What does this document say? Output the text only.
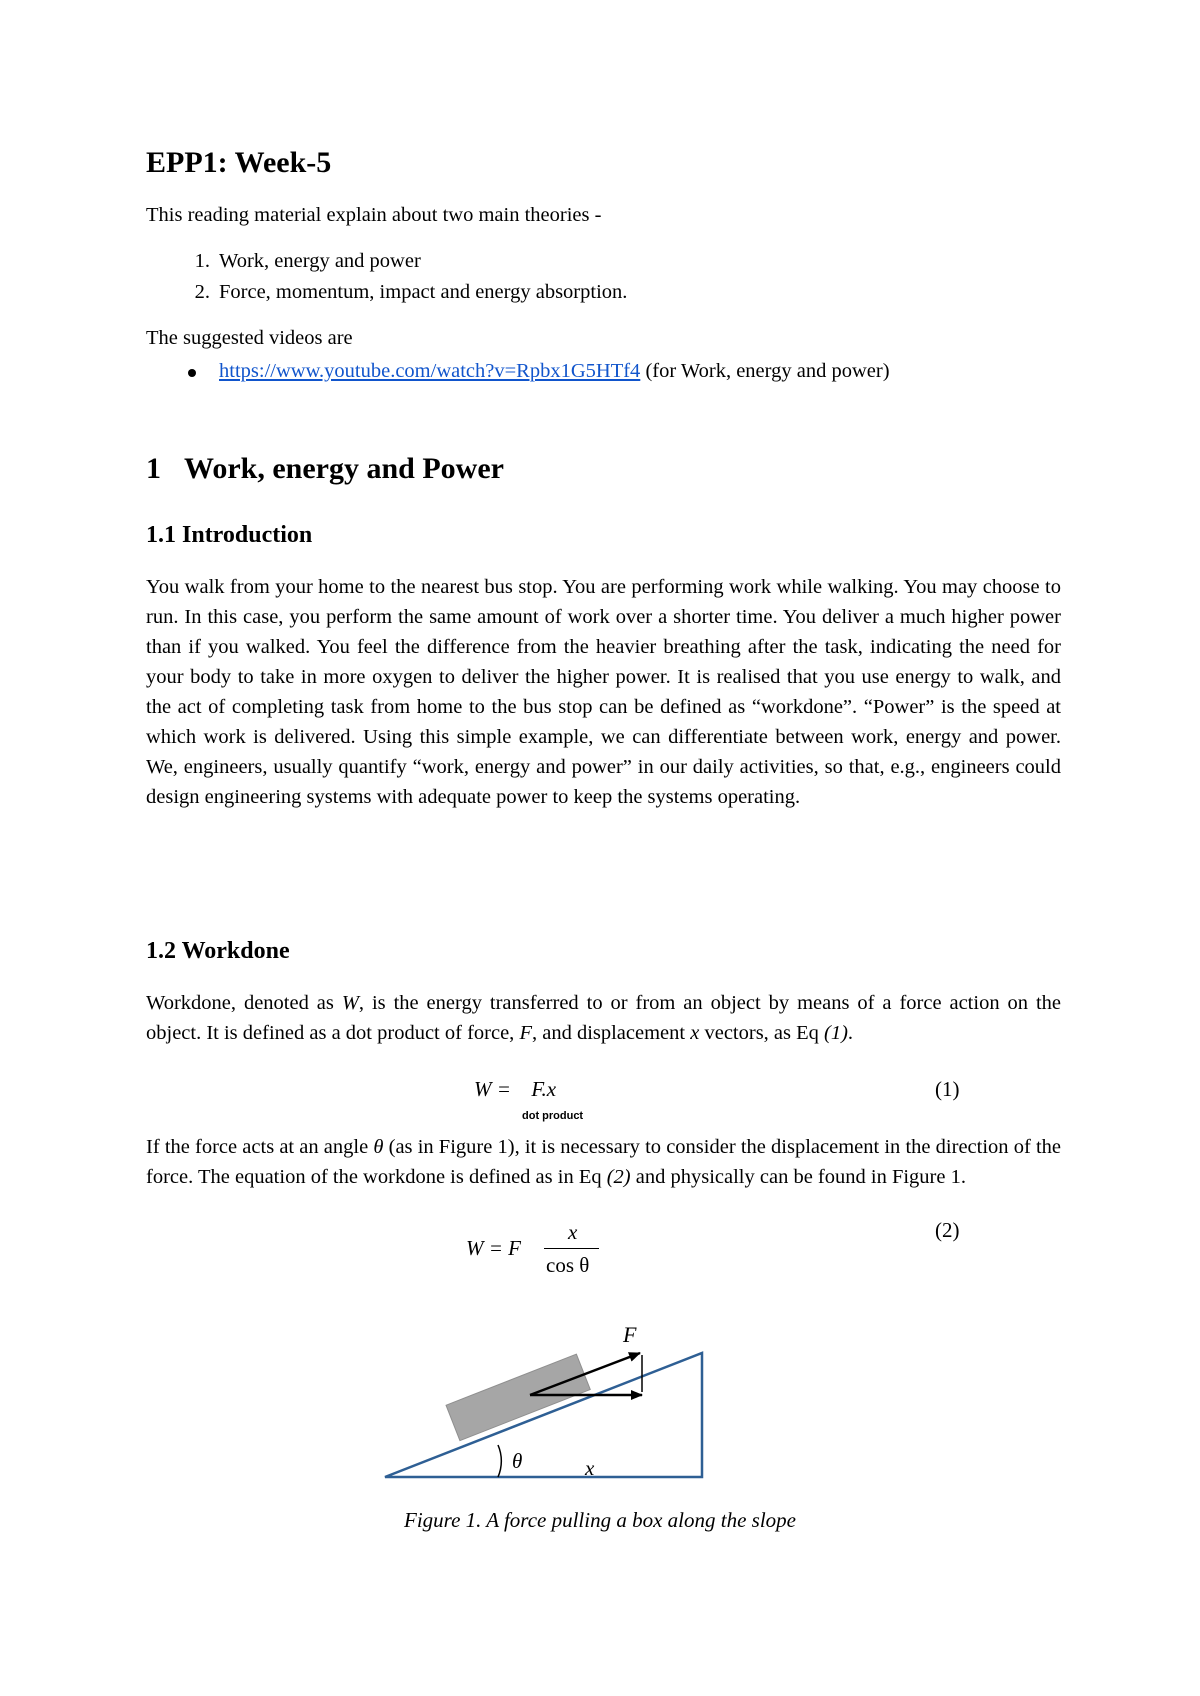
EPP1: Week-5

This reading material explain about two main theories -

1. Work, energy and power
2. Force, momentum, impact and energy absorption.

The suggested videos are

https://www.youtube.com/watch?v=Rpbx1G5HTf4 (for Work, energy and power)
1 Work, energy and Power
1.1 Introduction

You walk from your home to the nearest bus stop. You are performing work while walking. You may choose to run. In this case, you perform the same amount of work over a shorter time. You deliver a much higher power than if you walked. You feel the difference from the heavier breathing after the task, indicating the need for your body to take in more oxygen to deliver the higher power. It is realised that you use energy to walk, and the act of completing task from home to the bus stop can be defined as “workdone”. “Power” is the speed at which work is delivered. Using this simple example, we can differentiate between work, energy and power. We, engineers, usually quantify “work, energy and power” in our daily activities, so that, e.g., engineers could design engineering systems with adequate power to keep the systems operating.

1.2 Workdone

Workdone, denoted as W, is the energy transferred to or from an object by means of a force action on the object. It is defined as a dot product of force, F, and displacement x vectors, as Eq (1).

W = F.x
dot product
(1)

If the force acts at an angle θ (as in Figure 1), it is necessary to consider the displacement in the direction of the force. The equation of the workdone is defined as in Eq (2) and physically can be found in Figure 1.

W = F
x
cos θ
(2)
θ	x
F
Figure 1. A force pulling a box along the slope
